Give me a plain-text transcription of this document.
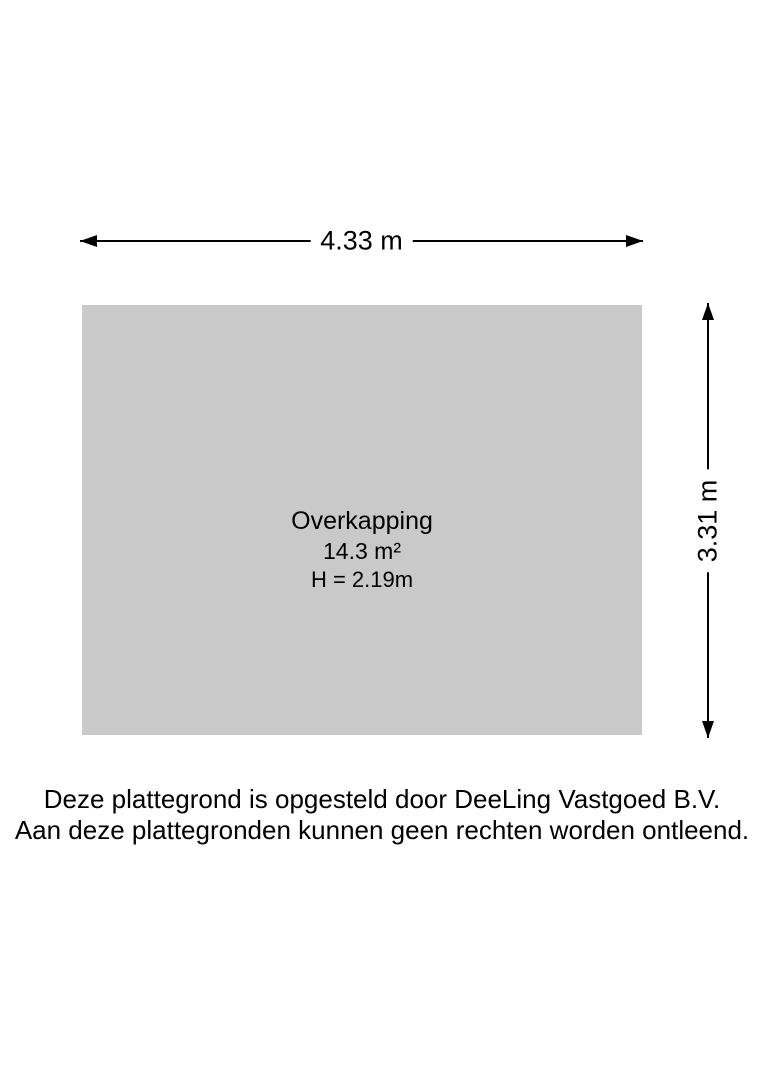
4.33 m
Overkapping
14.3 m²
H = 2.19m
3.31 m
Deze plattegrond is opgesteld door DeeLing Vastgoed B.V.
Aan deze plattegronden kunnen geen rechten worden ontleend.
